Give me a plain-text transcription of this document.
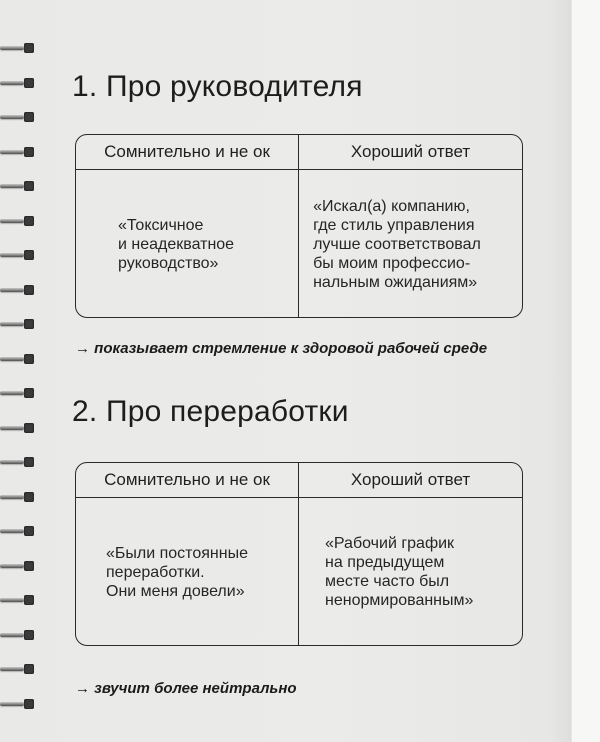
1. Про руководителя
Сомнительно и не ок	Хороший ответ
«Токсичное
и неадекватное
руководство»
«Искал(а) компанию,
где стиль управления
лучше соответствовал
бы моим профессио-
нальным ожиданиям»

→ показывает стремление к здоровой рабочей среде

2. Про переработки
Сомнительно и не ок	Хороший ответ
«Были постоянные
переработки.
Они меня довели»
«Рабочий график
на предыдущем
месте часто был
ненормированным»

→ звучит более нейтрально
